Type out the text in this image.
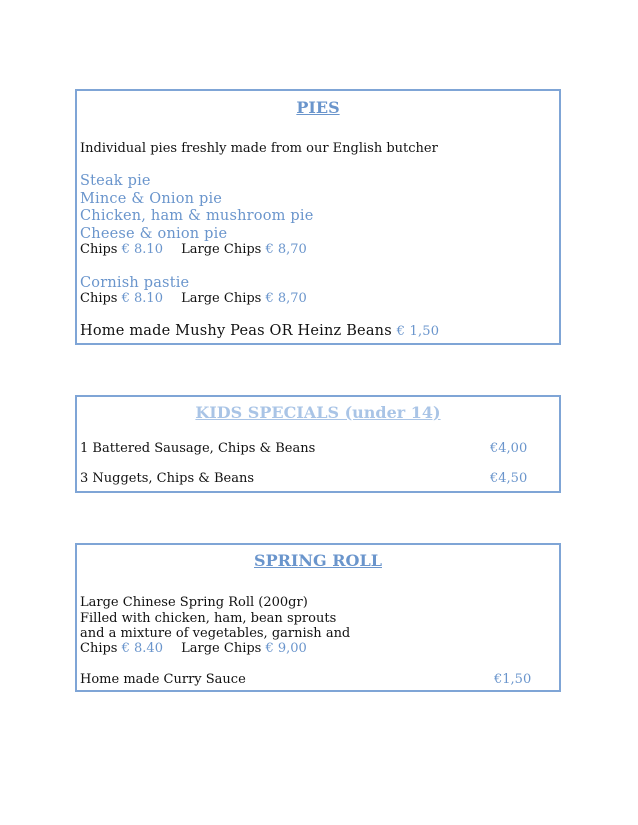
PIES
Individual pies freshly made from our English butcher
Steak pie
Mince & Onion pie
Chicken, ham & mushroom pie
Cheese & onion pie
Chips € 8.10 Large Chips € 8,70
Cornish pastie
Chips € 8.10 Large Chips € 8,70
Home made Mushy Peas OR Heinz Beans € 1,50
KIDS SPECIALS (under 14)
1 Battered Sausage, Chips & Beans	€4,00
3 Nuggets, Chips & Beans	€4,50
SPRING ROLL
Large Chinese Spring Roll (200gr)
Filled with chicken, ham, bean sprouts
and a mixture of vegetables, garnish and
Chips € 8.40 Large Chips € 9,00
Home made Curry Sauce	€1,50
